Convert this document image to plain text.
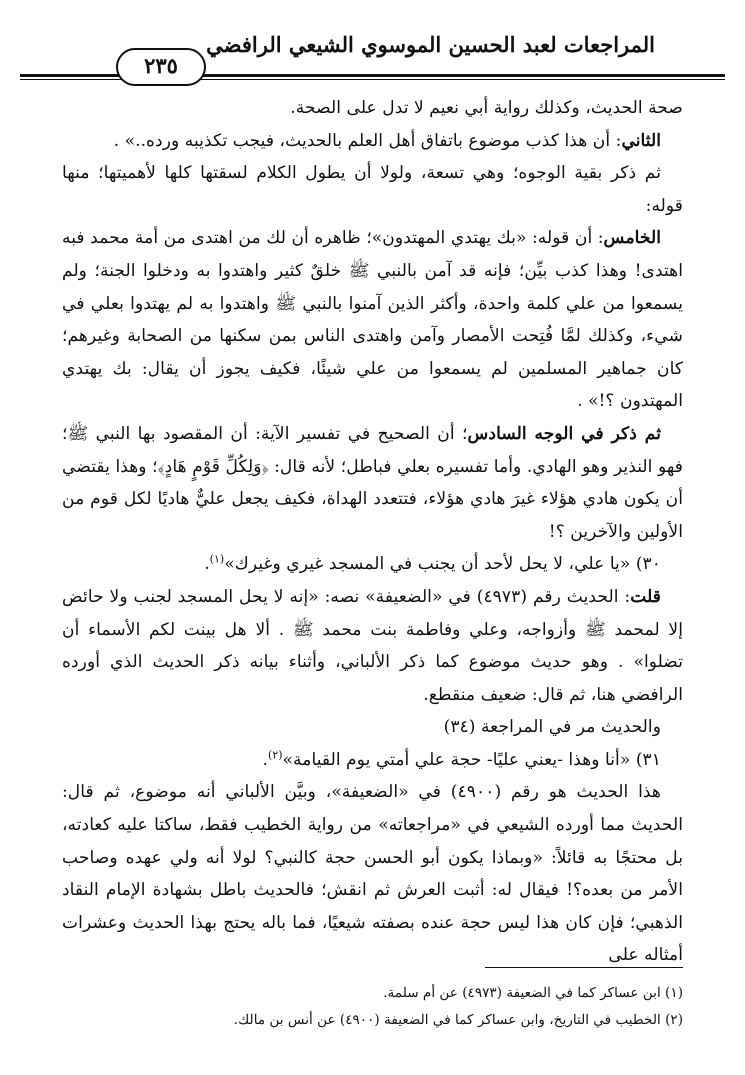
المراجعات لعبد الحسين الموسوي الشيعي الرافضي
٢٣٥

صحة الحديث، وكذلك رواية أبي نعيم لا تدل على الصحة.

الثاني: أن هذا كذب موضوع باتفاق أهل العلم بالحديث، فيجب تكذيبه ورده..» .

ثم ذكر بقية الوجوه؛ وهي تسعة، ولولا أن يطول الكلام لسقتها كلها لأهميتها؛ منها قوله:

الخامس: أن قوله: «بك يهتدي المهتدون»؛ ظاهره أن لك من اهتدى من أمة محمد فبه اهتدى! وهذا كذب بيِّن؛ فإنه قد آمن بالنبي ﷺ خلقٌ كثير واهتدوا به ودخلوا الجنة؛ ولم يسمعوا من علي كلمة واحدة، وأكثر الذين آمنوا بالنبي ﷺ واهتدوا به لم يهتدوا بعلي في شيء، وكذلك لمَّا فُتِحت الأمصار وآمن واهتدى الناس بمن سكنها من الصحابة وغيرهم؛ كان جماهير المسلمين لم يسمعوا من علي شيئًا، فكيف يجوز أن يقال: بك يهتدي المهتدون ؟!» .

ثم ذكر في الوجه السادس؛ أن الصحيح في تفسير الآية: أن المقصود بها النبي ﷺ؛ فهو النذير وهو الهادي. وأما تفسيره بعلي فباطل؛ لأنه قال: ﴿وَلِكُلِّ قَوْمٍ هَادٍ﴾؛ وهذا يقتضي أن يكون هادي هؤلاء غيرَ هادي هؤلاء، فتتعدد الهداة، فكيف يجعل عليٌّ هاديًا لكل قوم من الأولين والآخرين ؟!

٣٠) «يا علي، لا يحل لأحد أن يجنب في المسجد غيري وغيرك»$^{(١)}$.

قلت: الحديث رقم (٤٩٧٣) في «الضعيفة» نصه: «إنه لا يحل المسجد لجنب ولا حائض إلا لمحمد ﷺ وأزواجه، وعلي وفاطمة بنت محمد ﷺ . ألا هل بينت لكم الأسماء أن تضلوا» . وهو حديث موضوع كما ذكر الألباني، وأثناء بيانه ذكر الحديث الذي أورده الرافضي هنا، ثم قال: ضعيف منقطع.

والحديث مر في المراجعة (٣٤)

٣١) «أنا وهذا -يعني عليًا- حجة علي أمتي يوم القيامة»$^{(٢)}$.

هذا الحديث هو رقم (٤٩٠٠) في «الضعيفة»، وبيَّن الألباني أنه موضوع، ثم قال: الحديث مما أورده الشيعي في «مراجعاته» من رواية الخطيب فقط، ساكتا عليه كعادته، بل محتجًا به قائلاً: «وبماذا يكون أبو الحسن حجة كالنبي؟ لولا أنه ولي عهده وصاحب الأمر من بعده؟! فيقال له: أثبت العرش ثم انقش؛ فالحديث باطل بشهادة الإمام النقاد الذهبي؛ فإن كان هذا ليس حجة عنده بصفته شيعيًا، فما باله يحتج بهذا الحديث وعشرات أمثاله على

(١) ابن عساكر كما في الضعيفة (٤٩٧٣) عن أم سلمة.

(٢) الخطيب في التاريخ، وابن عساكر كما في الضعيفة (٤٩٠٠) عن أنس بن مالك.
